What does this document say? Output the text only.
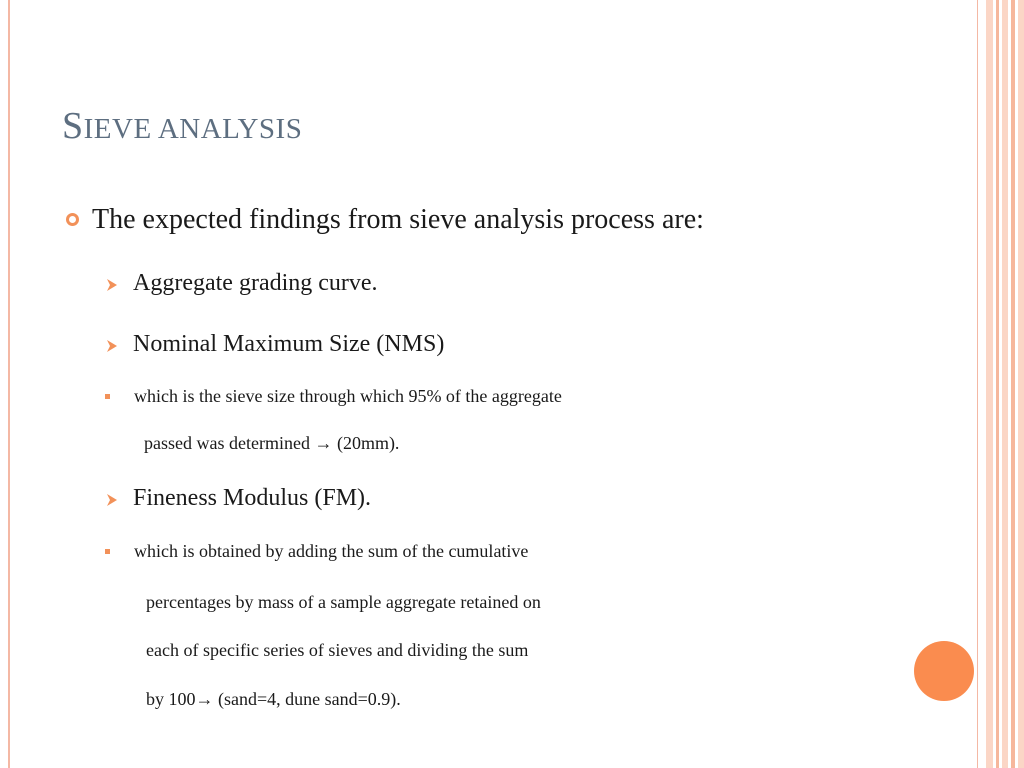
SIEVE ANALYSIS
The expected findings from sieve analysis process are:
Aggregate grading curve.
Nominal Maximum Size (NMS)
which is the sieve size through which 95% of the aggregate
passed was determined → (20mm).
Fineness Modulus (FM).
which is obtained by adding the sum of the cumulative
percentages by mass of a sample aggregate retained on
each of specific series of sieves and dividing the sum
by 100→ (sand=4, dune sand=0.9).
